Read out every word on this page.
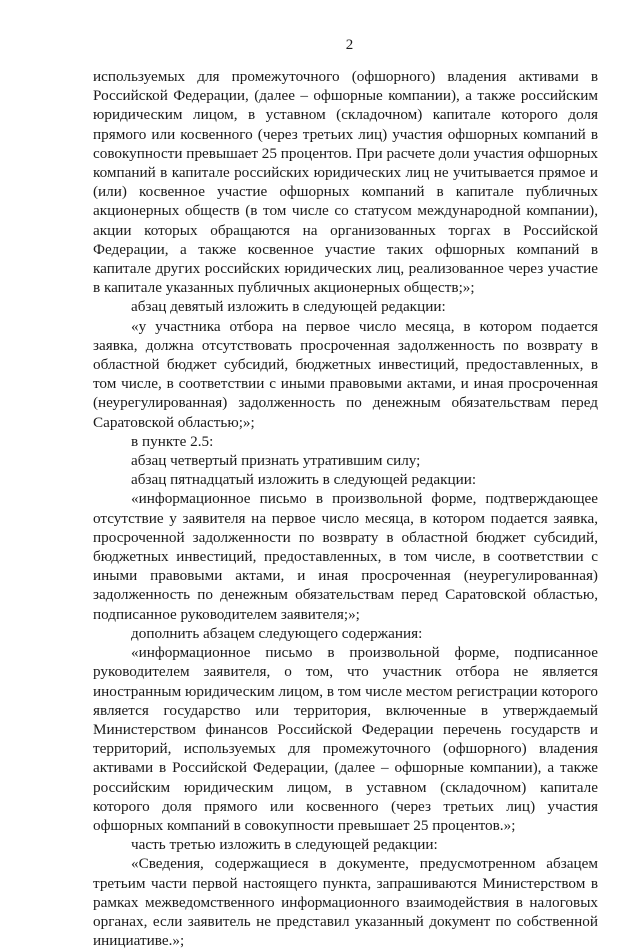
2

используемых для промежуточного (офшорного) владения активами в Российской Федерации, (далее – офшорные компании), а также российским юридическим лицом, в уставном (складочном) капитале которого доля прямого или косвенного (через третьих лиц) участия офшорных компаний в совокупности превышает 25 процентов. При расчете доли участия офшорных компаний в капитале российских юридических лиц не учитывается прямое и (или) косвенное участие офшорных компаний в капитале публичных акционерных обществ (в том числе со статусом международной компании), акции которых обращаются на организованных торгах в Российской Федерации, а также косвенное участие таких офшорных компаний в капитале других российских юридических лиц, реализованное через участие в капитале указанных публичных акционерных обществ;»;

абзац девятый изложить в следующей редакции:

«у участника отбора на первое число месяца, в котором подается заявка, должна отсутствовать просроченная задолженность по возврату в областной бюджет субсидий, бюджетных инвестиций, предоставленных, в том числе, в соответствии с иными правовыми актами, и иная просроченная (неурегулированная) задолженность по денежным обязательствам перед Саратовской областью;»;

в пункте 2.5:

абзац четвертый признать утратившим силу;

абзац пятнадцатый изложить в следующей редакции:

«информационное письмо в произвольной форме, подтверждающее отсутствие у заявителя на первое число месяца, в котором подается заявка, просроченной задолженности по возврату в областной бюджет субсидий, бюджетных инвестиций, предоставленных, в том числе, в соответствии с иными правовыми актами, и иная просроченная (неурегулированная) задолженность по денежным обязательствам перед Саратовской областью, подписанное руководителем заявителя;»;

дополнить абзацем следующего содержания:

«информационное письмо в произвольной форме, подписанное руководителем заявителя, о том, что участник отбора не является иностранным юридическим лицом, в том числе местом регистрации которого является государство или территория, включенные в утверждаемый Министерством финансов Российской Федерации перечень государств и территорий, используемых для промежуточного (офшорного) владения активами в Российской Федерации, (далее – офшорные компании), а также российским юридическим лицом, в уставном (складочном) капитале которого доля прямого или косвенного (через третьих лиц) участия офшорных компаний в совокупности превышает 25 процентов.»;

часть третью изложить в следующей редакции:

«Сведения, содержащиеся в документе, предусмотренном абзацем третьим части первой настоящего пункта, запрашиваются Министерством в рамках межведомственного информационного взаимодействия в налоговых органах, если заявитель не представил указанный документ по собственной инициативе.»;
